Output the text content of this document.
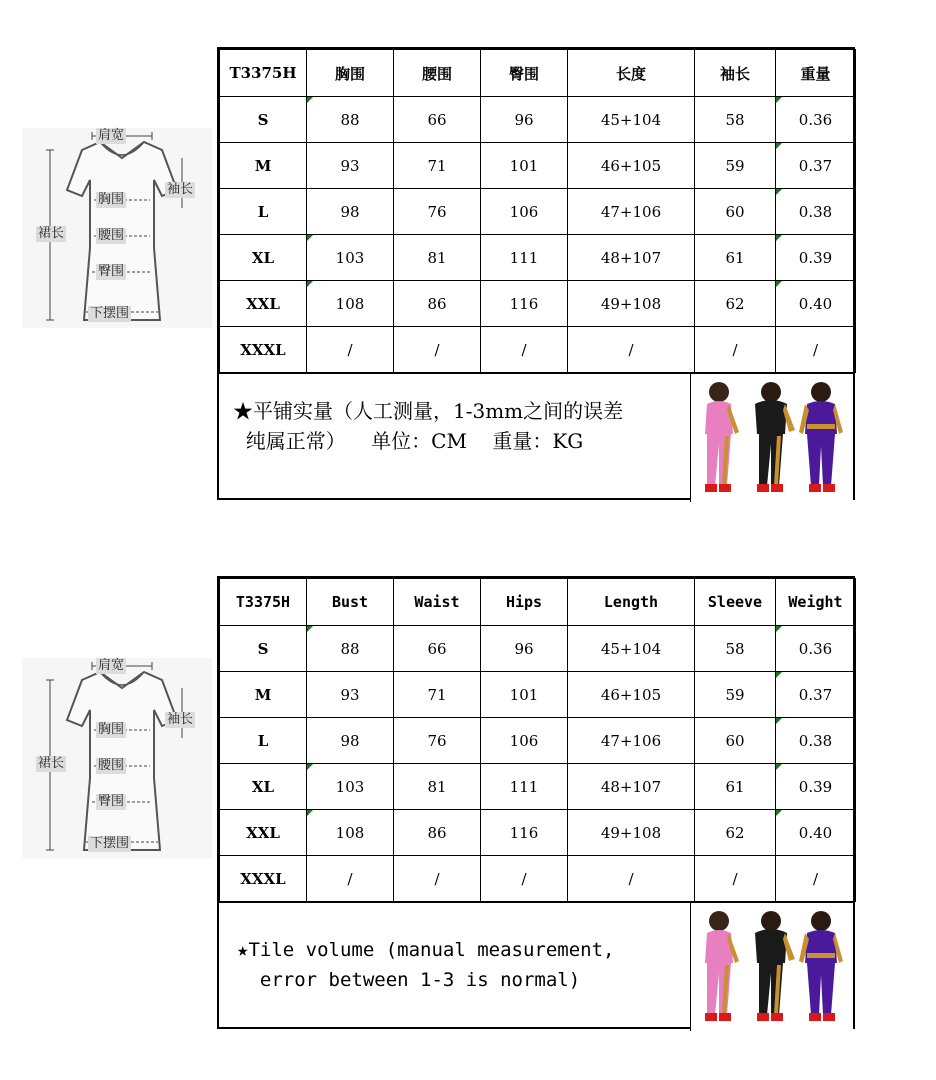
肩宽
袖长
胸围
裙长	腰围
臀围
下摆围
T3375H	胸围	腰围	臀围	长度	袖长	重量
S	88	66	96	45+104	58	0.36
M	93	71	101	46+105	59	0.37
L	98	76	106	47+106	60	0.38
XL	103	81	111	48+107	61	0.39
XXL	108	86	116	49+108	62	0.40
XXXL	/	/	/	/	/	/
★平铺实量（人工测量，1-3mm之间的误差
纯属正常）    单位：CM    重量：KG
肩宽
袖长
胸围
裙长	腰围
臀围
下摆围
T3375H	Bust	Waist	Hips	Length	Sleeve	Weight
S	88	66	96	45+104	58	0.36
M	93	71	101	46+105	59	0.37
L	98	76	106	47+106	60	0.38
XL	103	81	111	48+107	61	0.39
XXL	108	86	116	49+108	62	0.40
XXXL	/	/	/	/	/	/
★Tile volume (manual measurement,
error between 1-3 is normal)
